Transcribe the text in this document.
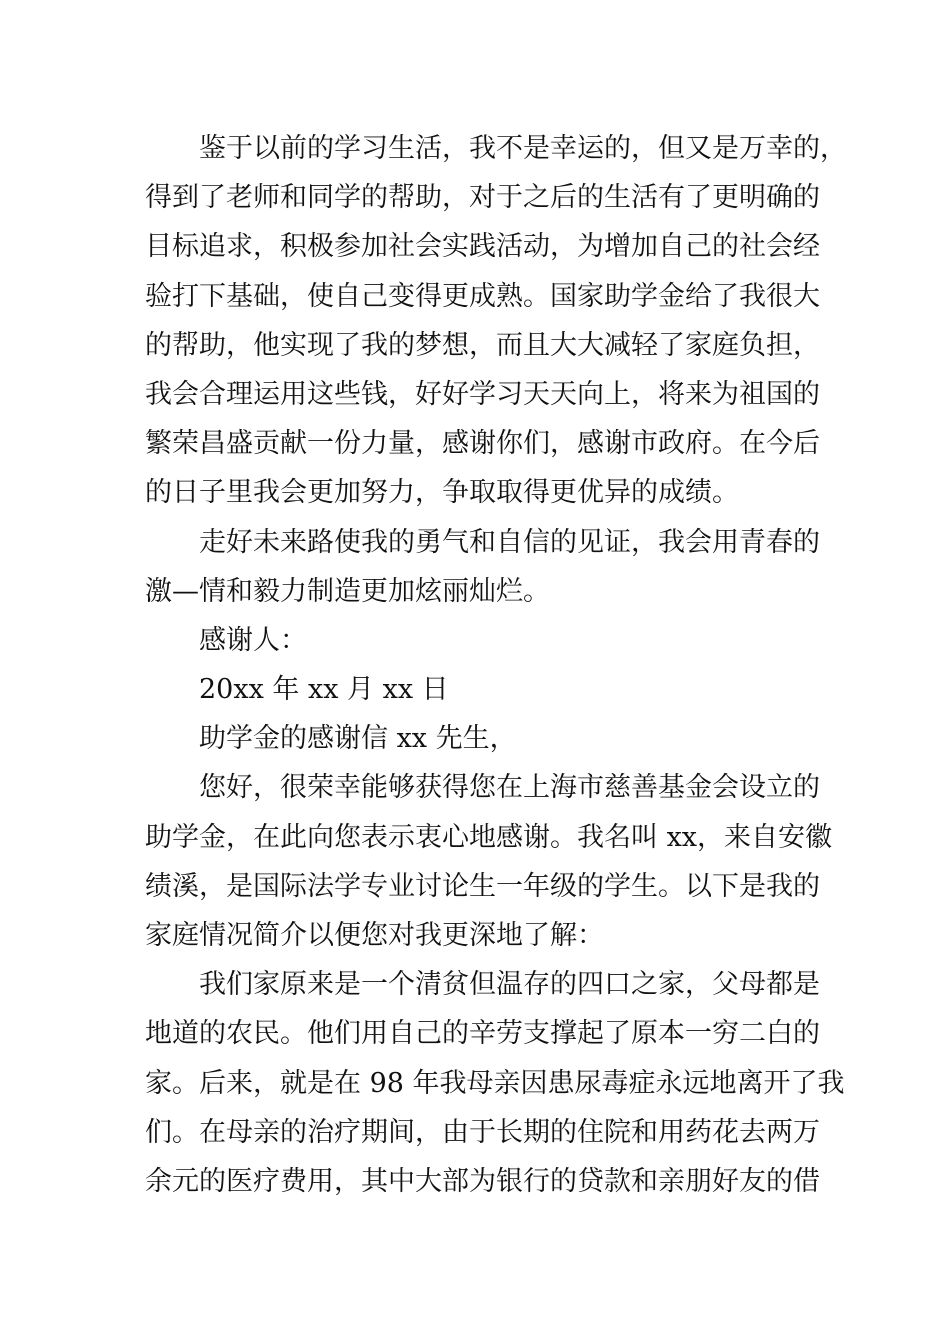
鉴于以前的学习生活，我不是幸运的，但又是万幸的，
得到了老师和同学的帮助，对于之后的生活有了更明确的
目标追求，积极参加社会实践活动，为增加自己的社会经
验打下基础，使自己变得更成熟。国家助学金给了我很大
的帮助，他实现了我的梦想，而且大大减轻了家庭负担，
我会合理运用这些钱，好好学习天天向上，将来为祖国的
繁荣昌盛贡献一份力量，感谢你们，感谢市政府。在今后
的日子里我会更加努力，争取取得更优异的成绩。
走好未来路使我的勇气和自信的见证，我会用青春的
激—情和毅力制造更加炫丽灿烂。
感谢人：
20xx 年 xx 月 xx 日
助学金的感谢信 xx 先生，
您好，很荣幸能够获得您在上海市慈善基金会设立的
助学金，在此向您表示衷心地感谢。我名叫 xx，来自安徽
绩溪，是国际法学专业讨论生一年级的学生。以下是我的
家庭情况简介以便您对我更深地了解：
我们家原来是一个清贫但温存的四口之家，父母都是
地道的农民。他们用自己的辛劳支撑起了原本一穷二白的
家。后来，就是在 98 年我母亲因患尿毒症永远地离开了我
们。在母亲的治疗期间，由于长期的住院和用药花去两万
余元的医疗费用，其中大部为银行的贷款和亲朋好友的借
